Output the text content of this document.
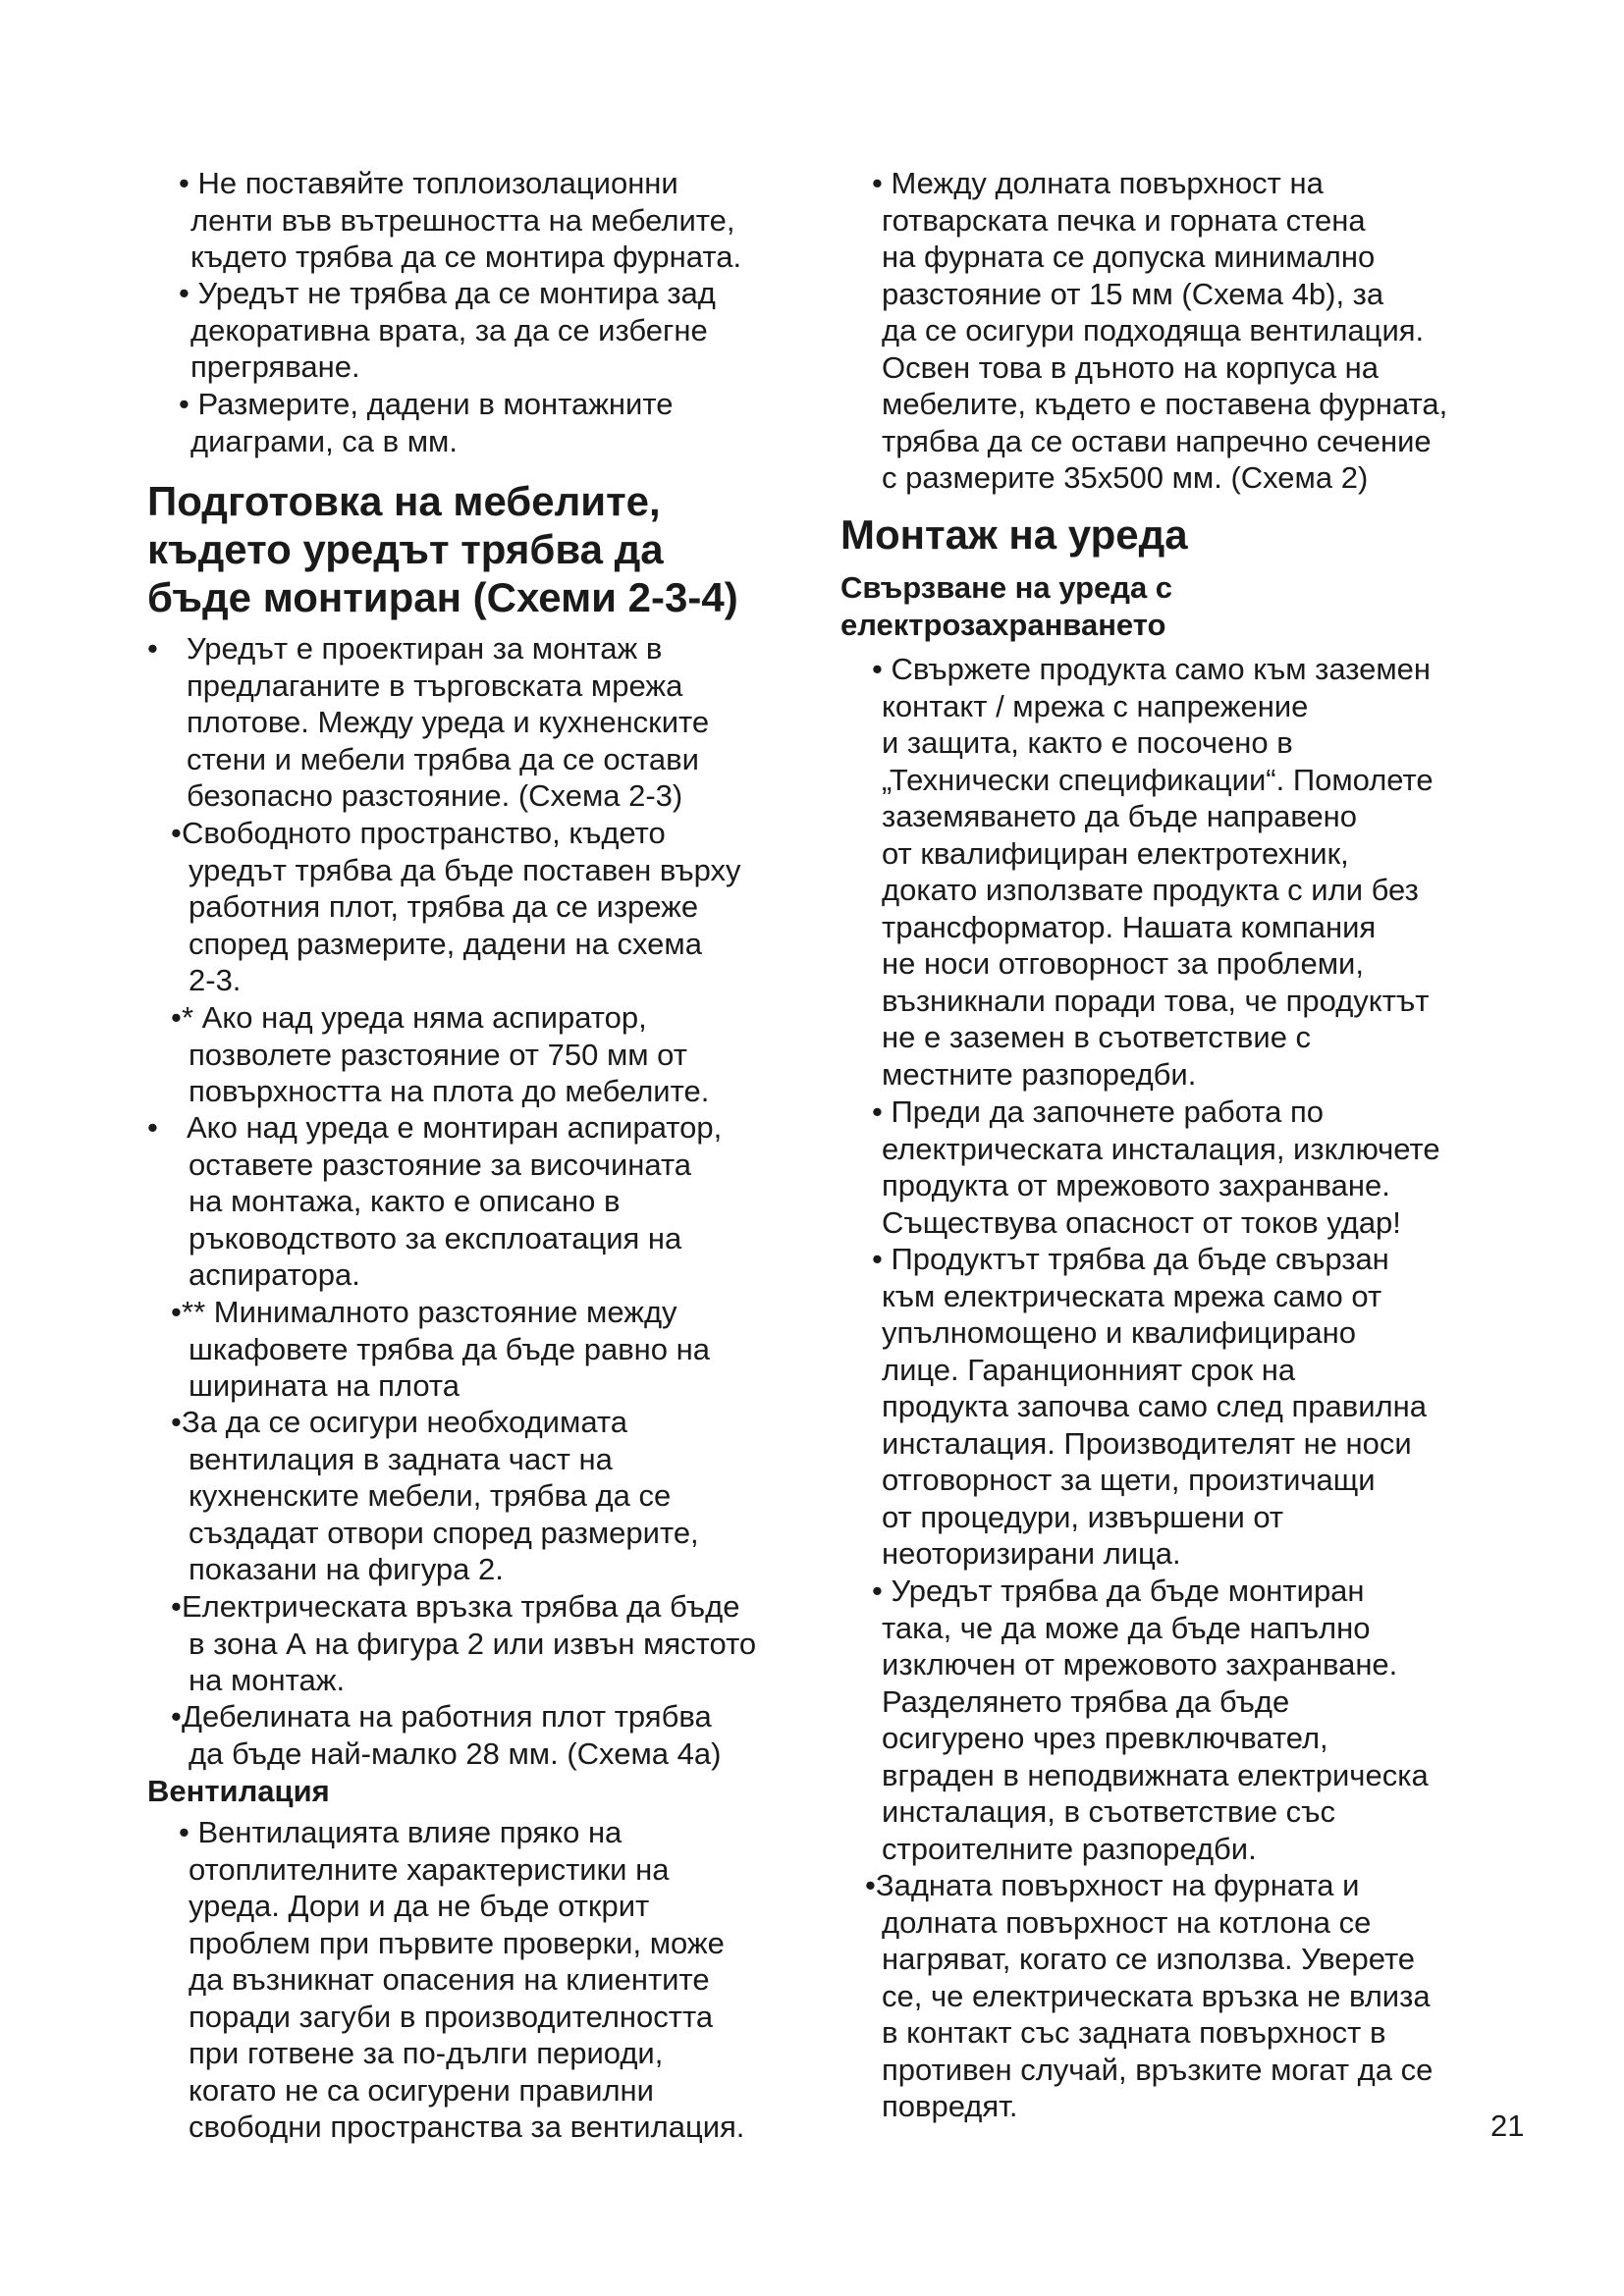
• Не поставяйте топлоизолационни
ленти във вътрешността на мебелите,
където трябва да се монтира фурната.
• Уредът не трябва да се монтира зад
декоративна врата, за да се избегне
прегряване.
• Размерите, дадени в монтажните
диаграми, са в мм.
Подготовка на мебелите,
където уредът трябва да
бъде монтиран (Схеми 2-3-4)
• Уредът е проектиран за монтаж в
предлаганите в търговската мрежа
плотове. Между уреда и кухненските
стени и мебели трябва да се остави
безопасно разстояние. (Схема 2-3)
• Свободното пространство, където
уредът трябва да бъде поставен върху
работния плот, трябва да се изреже
според размерите, дадени на схема
2-3.
• * Ако над уреда няма аспиратор,
позволете разстояние от 750 мм от
повърхността на плота до мебелите.
• Ако над уреда е монтиран аспиратор,
оставете разстояние за височината
на монтажа, както е описано в
ръководството за експлоатация на
аспиратора.
• ** Минималното разстояние между
шкафовете трябва да бъде равно на
ширината на плота
• За да се осигури необходимата
вентилация в задната част на
кухненските мебели, трябва да се
създадат отвори според размерите,
показани на фигура 2.
• Електрическата връзка трябва да бъде
в зона А на фигура 2 или извън мястото
на монтаж.
• Дебелината на работния плот трябва
да бъде най-малко 28 мм. (Схема 4а)
Вентилация
• Вентилацията влияе пряко на
отоплителните характеристики на
уреда. Дори и да не бъде открит
проблем при първите проверки, може
да възникнат опасения на клиентите
поради загуби в производителността
при готвене за по-дълги периоди,
когато не са осигурени правилни
свободни пространства за вентилация.
• Между долната повърхност на
готварската печка и горната стена
на фурната се допуска минимално
разстояние от 15 мм (Схема 4b), за
да се осигури подходяща вентилация.
Освен това в дъното на корпуса на
мебелите, където е поставена фурната,
трябва да се остави напречно сечение
с размерите 35х500 мм. (Схема 2)
Монтаж на уреда
Свързване на уреда с
електрозахранването
• Свържете продукта само към заземен
контакт / мрежа с напрежение
и защита, както е посочено в
„Технически спецификации“. Помолете
заземяването да бъде направено
от квалифициран електротехник,
докато използвате продукта с или без
трансформатор. Нашата компания
не носи отговорност за проблеми,
възникнали поради това, че продуктът
не е заземен в съответствие с
местните разпоредби.
• Преди да започнете работа по
електрическата инсталация, изключете
продукта от мрежовото захранване.
Съществува опасност от токов удар!
• Продуктът трябва да бъде свързан
към електрическата мрежа само от
упълномощено и квалифицирано
лице. Гаранционният срок на
продукта започва само след правилна
инсталация. Производителят не носи
отговорност за щети, произтичащи
от процедури, извършени от
неоторизирани лица.
• Уредът трябва да бъде монтиран
така, че да може да бъде напълно
изключен от мрежовото захранване.
Разделянето трябва да бъде
осигурено чрез превключвател,
вграден в неподвижната електрическа
инсталация, в съответствие със
строителните разпоредби.
•Задната повърхност на фурната и
долната повърхност на котлона се
нагряват, когато се използва. Уверете
се, че електрическата връзка не влиза
в контакт със задната повърхност в
противен случай, връзките могат да се
повредят.
21
